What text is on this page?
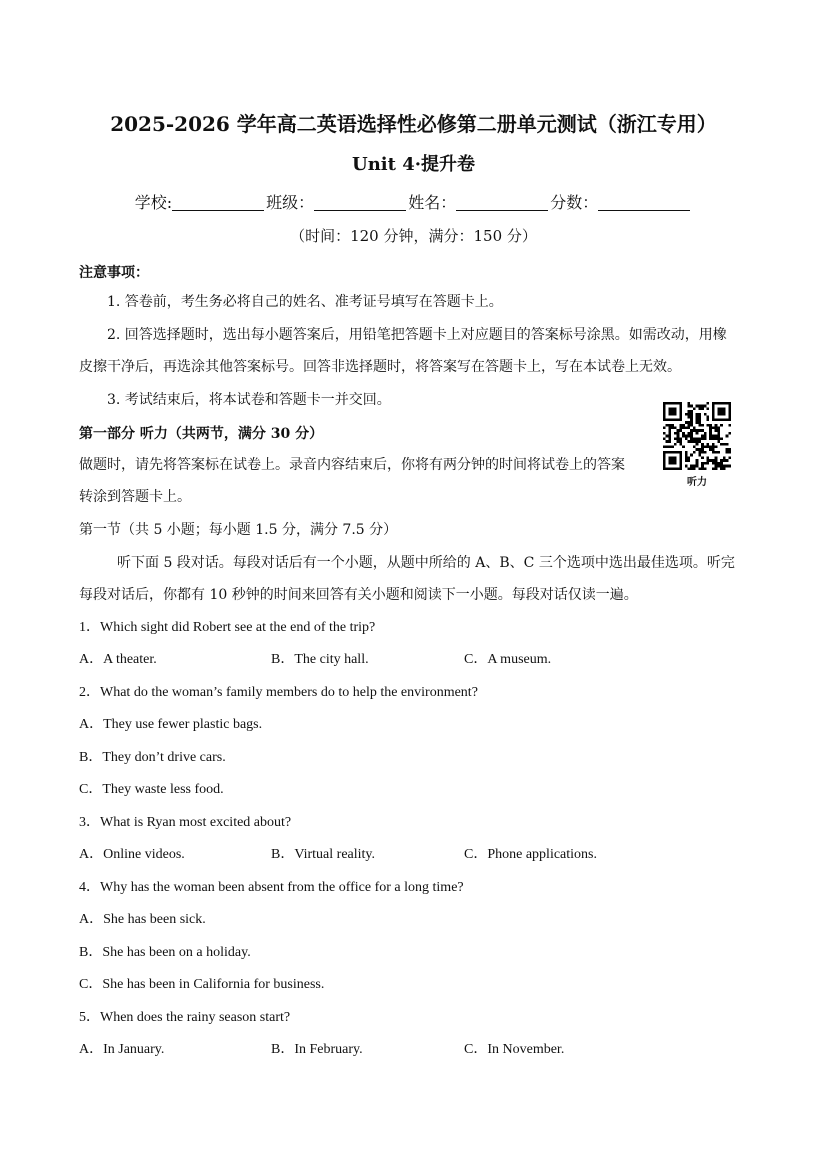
2025-2026 学年高二英语选择性必修第二册单元测试（浙江专用）
Unit 4·提升卷
学校:	班级：	姓名：	分数：
（时间：120 分钟，满分：150 分）
注意事项：
1. 答卷前，考生务必将自己的姓名、准考证号填写在答题卡上。
2. 回答选择题时，选出每小题答案后，用铅笔把答题卡上对应题目的答案标号涂黑。如需改动，用橡
皮擦干净后，再选涂其他答案标号。回答非选择题时，将答案写在答题卡上，写在本试卷上无效。
3. 考试结束后，将本试卷和答题卡一并交回。
第一部分 听力（共两节，满分 30 分）
做题时，请先将答案标在试卷上。录音内容结束后，你将有两分钟的时间将试卷上的答案
转涂到答题卡上。
听力
第一节（共 5 小题；每小题 1.5 分，满分 7.5 分）
听下面 5 段对话。每段对话后有一个小题，从题中所给的 A、B、C 三个选项中选出最佳选项。听完
每段对话后，你都有 10 秒钟的时间来回答有关小题和阅读下一小题。每段对话仅读一遍。
1．Which sight did Robert see at the end of the trip?
A．A theater.	B．The city hall.	C．A museum.
2．What do the woman’s family members do to help the environment?
A．They use fewer plastic bags.
B．They don’t drive cars.
C．They waste less food.
3．What is Ryan most excited about?
A．Online videos.	B．Virtual reality.	C．Phone applications.
4．Why has the woman been absent from the office for a long time?
A．She has been sick.
B．She has been on a holiday.
C．She has been in California for business.
5．When does the rainy season start?
A．In January.	B．In February.	C．In November.
